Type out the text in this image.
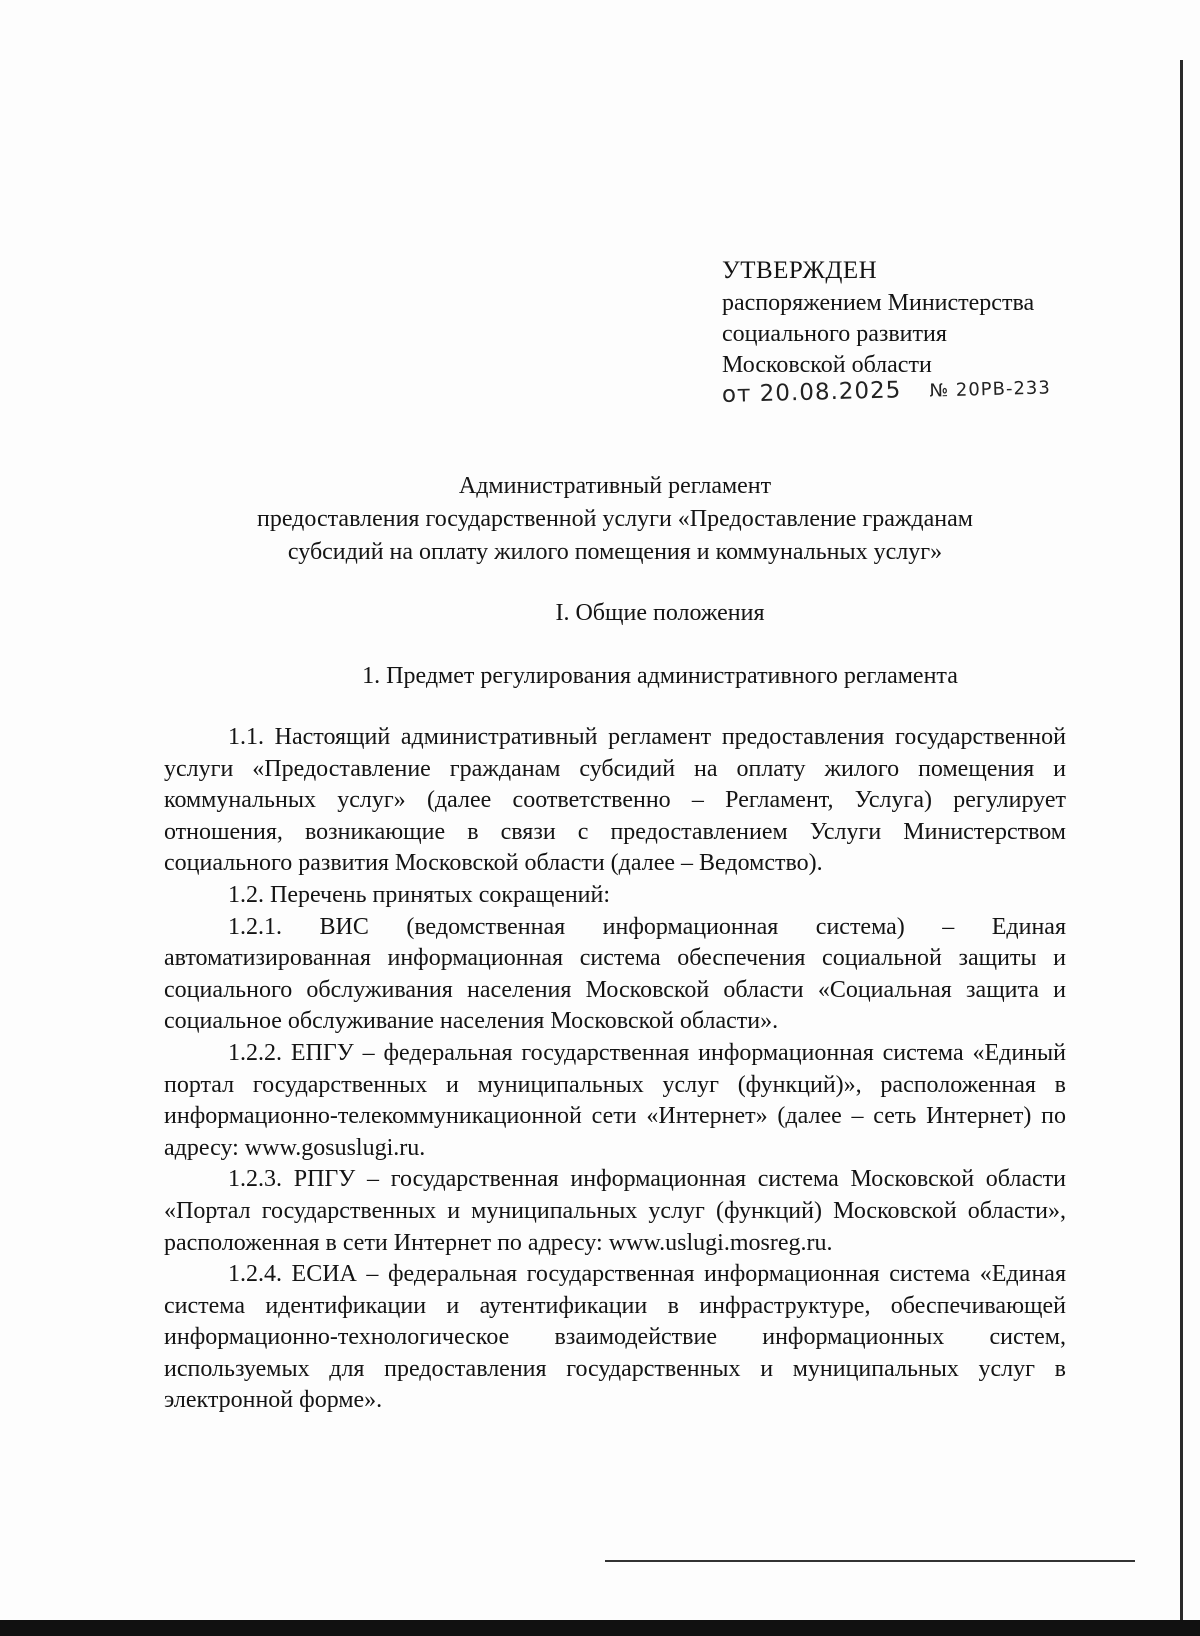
УТВЕРЖДЕН
распоряжением Министерства
социального развития
Московской области
от 20.08.2025 № 20РВ-233
Административный регламент
предоставления государственной услуги «Предоставление гражданам
субсидий на оплату жилого помещения и коммунальных услуг»
I. Общие положения
1. Предмет регулирования административного регламента

1.1. Настоящий административный регламент предоставления государственной услуги «Предоставление гражданам субсидий на оплату жилого помещения и коммунальных услуг» (далее соответственно – Регламент, Услуга) регулирует отношения, возникающие в связи с предоставлением Услуги Министерством социального развития Московской области (далее – Ведомство).

1.2. Перечень принятых сокращений:

1.2.1. ВИС (ведомственная информационная система) – Единая автоматизированная информационная система обеспечения социальной защиты и социального обслуживания населения Московской области «Социальная защита и социальное обслуживание населения Московской области».

1.2.2. ЕПГУ – федеральная государственная информационная система «Единый портал государственных и муниципальных услуг (функций)», расположенная в информационно-телекоммуникационной сети «Интернет» (далее – сеть Интернет) по адресу: www.gosuslugi.ru.

1.2.3. РПГУ – государственная информационная система Московской области «Портал государственных и муниципальных услуг (функций) Московской области», расположенная в сети Интернет по адресу: www.uslugi.mosreg.ru.

1.2.4. ЕСИА – федеральная государственная информационная система «Единая система идентификации и аутентификации в инфраструктуре, обеспечивающей информационно-технологическое взаимодействие информационных систем, используемых для предоставления государственных и муниципальных услуг в электронной форме».
